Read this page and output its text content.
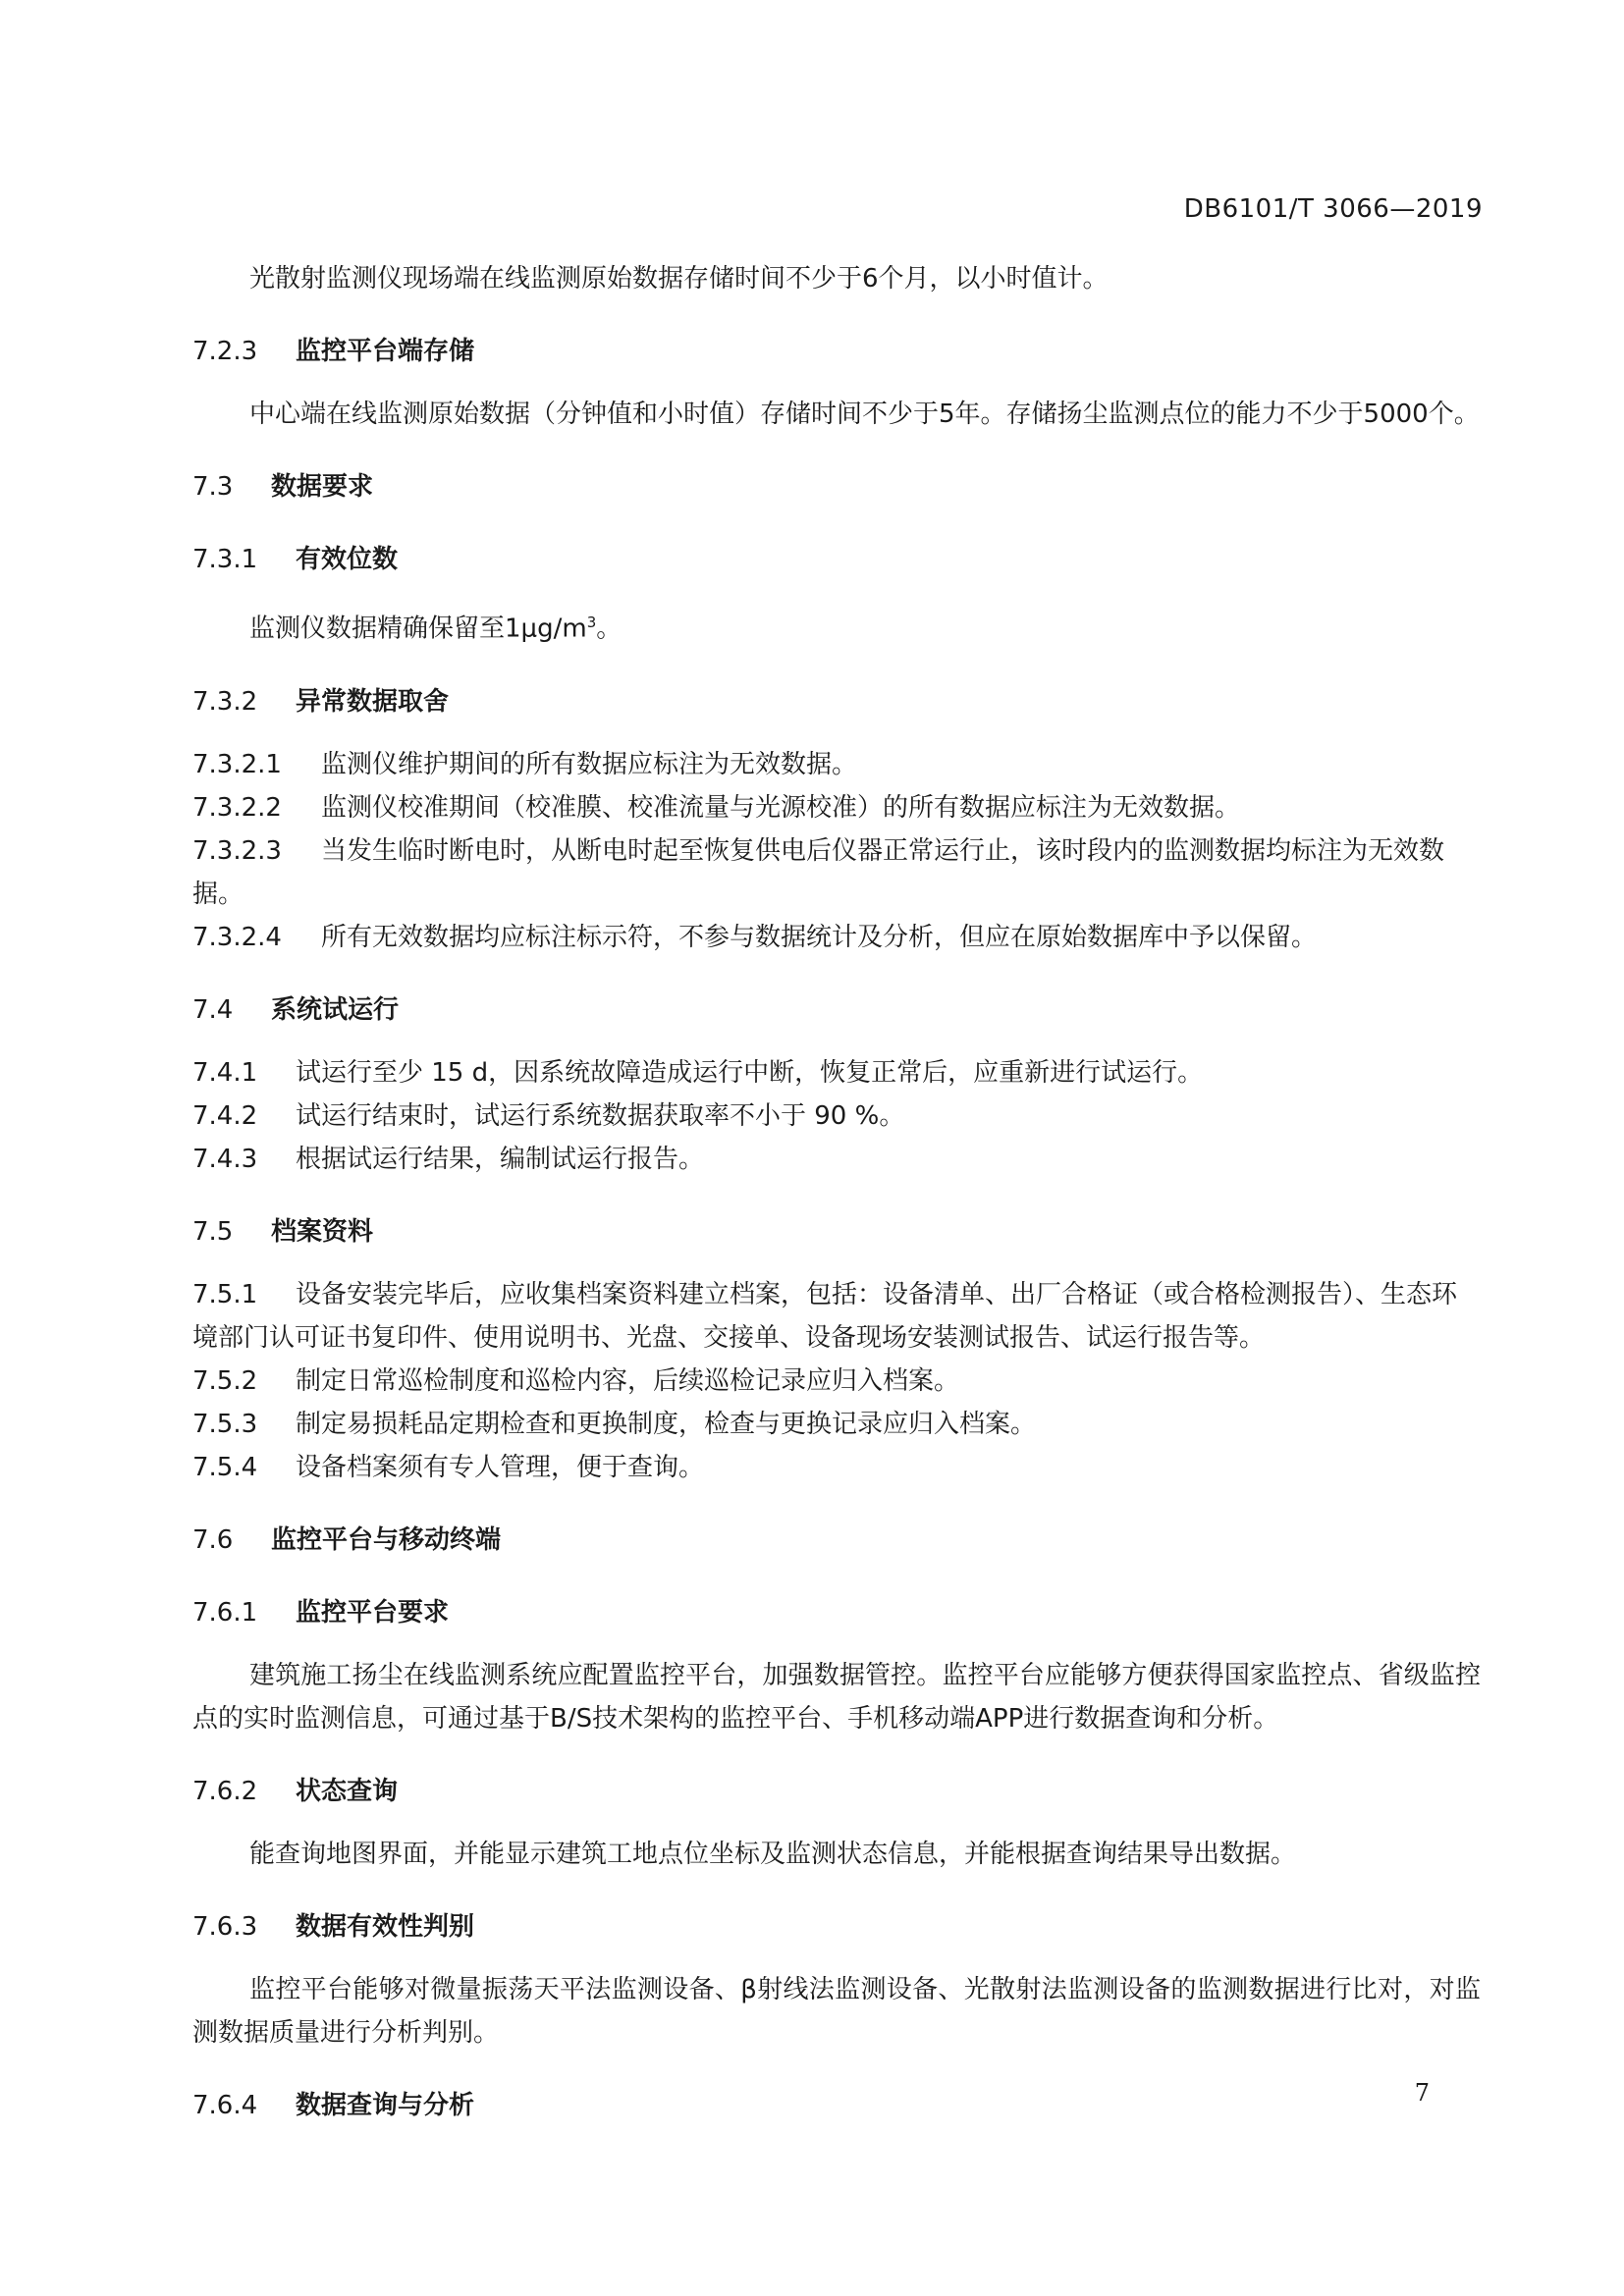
DB6101/T 3066—2019
光散射监测仪现场端在线监测原始数据存储时间不少于6个月，以小时值计。
7.2.3 监控平台端存储
中心端在线监测原始数据（分钟值和小时值）存储时间不少于5年。存储扬尘监测点位的能力不少于5000个。
7.3 数据要求
7.3.1 有效位数
监测仪数据精确保留至$1\mu g/m^3$。
7.3.2 异常数据取舍
7.3.2.1 监测仪维护期间的所有数据应标注为无效数据。
7.3.2.2 监测仪校准期间（校准膜、校准流量与光源校准）的所有数据应标注为无效数据。
7.3.2.3 当发生临时断电时，从断电时起至恢复供电后仪器正常运行止，该时段内的监测数据均标注为无效数据。
7.3.2.4 所有无效数据均应标注标示符，不参与数据统计及分析，但应在原始数据库中予以保留。
7.4 系统试运行
7.4.1 试运行至少 15 d，因系统故障造成运行中断，恢复正常后，应重新进行试运行。
7.4.2 试运行结束时，试运行系统数据获取率不小于 90 %。
7.4.3 根据试运行结果，编制试运行报告。
7.5 档案资料
7.5.1 设备安装完毕后，应收集档案资料建立档案，包括：设备清单、出厂合格证（或合格检测报告）、生态环境部门认可证书复印件、使用说明书、光盘、交接单、设备现场安装测试报告、试运行报告等。
7.5.2 制定日常巡检制度和巡检内容，后续巡检记录应归入档案。
7.5.3 制定易损耗品定期检查和更换制度，检查与更换记录应归入档案。
7.5.4 设备档案须有专人管理，便于查询。
7.6 监控平台与移动终端
7.6.1 监控平台要求
建筑施工扬尘在线监测系统应配置监控平台，加强数据管控。监控平台应能够方便获得国家监控点、省级监控点的实时监测信息，可通过基于B/S技术架构的监控平台、手机移动端APP进行数据查询和分析。
7.6.2 状态查询
能查询地图界面，并能显示建筑工地点位坐标及监测状态信息，并能根据查询结果导出数据。
7.6.3 数据有效性判别
监控平台能够对微量振荡天平法监测设备、β射线法监测设备、光散射法监测设备的监测数据进行比对，对监测数据质量进行分析判别。
7.6.4 数据查询与分析	7
